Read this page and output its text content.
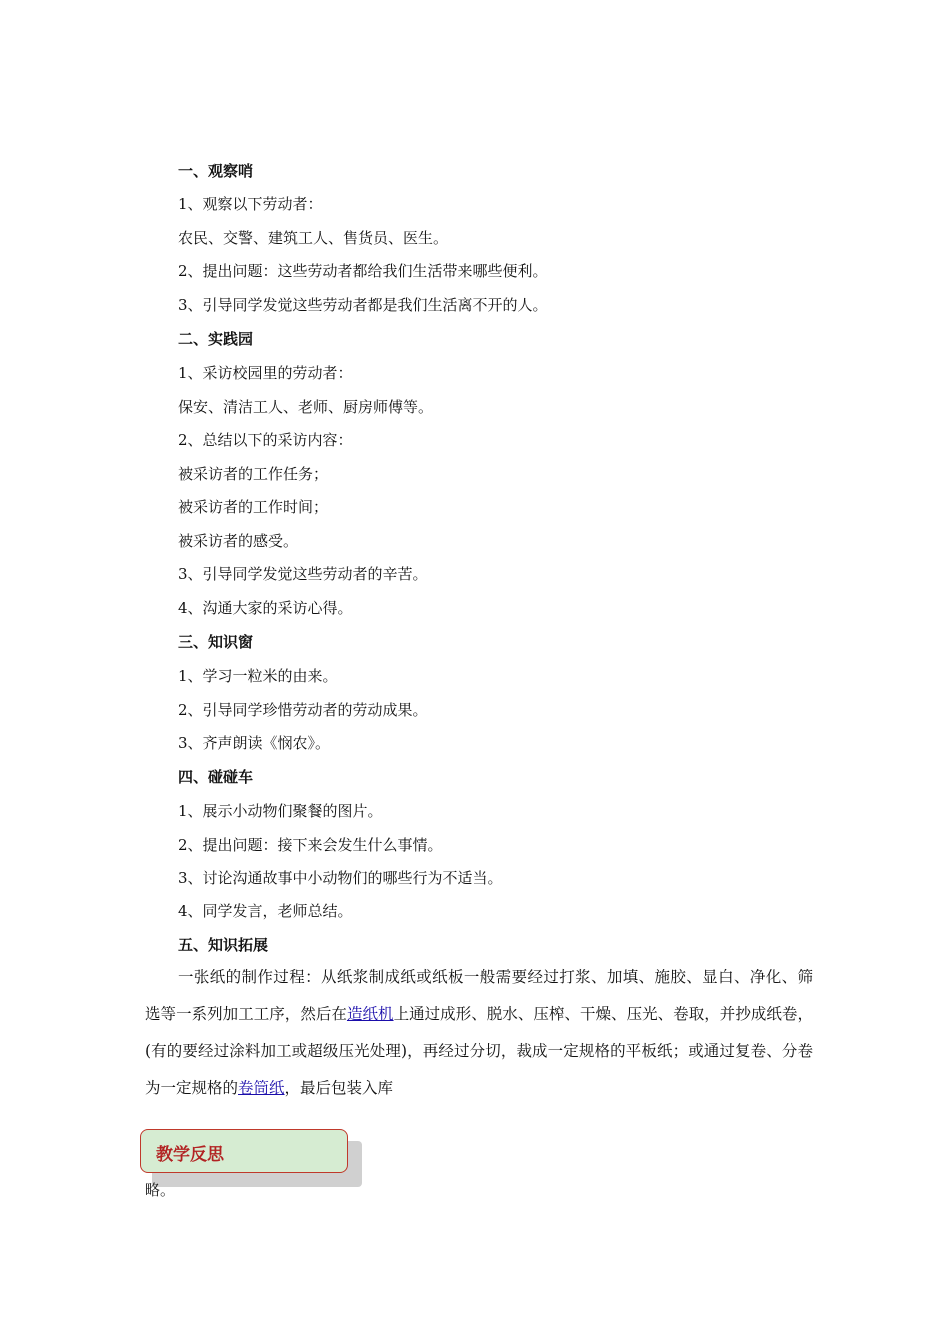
一、观察哨
1、观察以下劳动者：
农民、交警、建筑工人、售货员、医生。
2、提出问题：这些劳动者都给我们生活带来哪些便利。
3、引导同学发觉这些劳动者都是我们生活离不开的人。
二、实践园
1、采访校园里的劳动者：
保安、清洁工人、老师、厨房师傅等。
2、总结以下的采访内容：
被采访者的工作任务；
被采访者的工作时间；
被采访者的感受。
3、引导同学发觉这些劳动者的辛苦。
4、沟通大家的采访心得。
三、知识窗
1、学习一粒米的由来。
2、引导同学珍惜劳动者的劳动成果。
3、齐声朗读《悯农》。
四、碰碰车
1、展示小动物们聚餐的图片。
2、提出问题：接下来会发生什么事情。
3、讨论沟通故事中小动物们的哪些行为不适当。
4、同学发言，老师总结。
五、知识拓展
一张纸的制作过程：从纸浆制成纸或纸板一般需要经过打浆、加填、施胶、显白、净化、筛选等一系列加工工序，然后在造纸机上通过成形、脱水、压榨、干燥、压光、卷取，并抄成纸卷，(有的要经过涂料加工或超级压光处理)，再经过分切，裁成一定规格的平板纸；或通过复卷、分卷为一定规格的卷筒纸，最后包装入库
教学反思
略。
